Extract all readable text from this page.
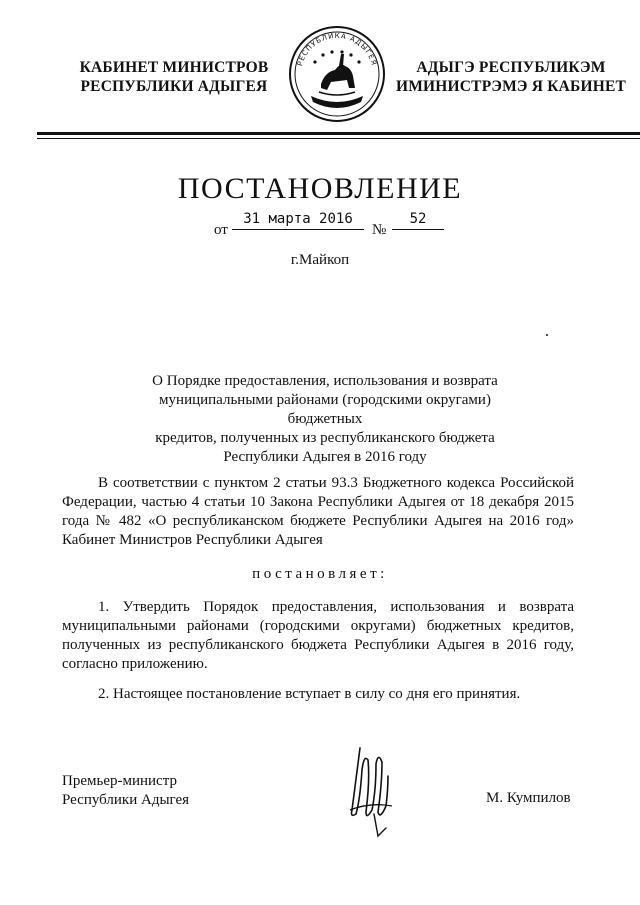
КАБИНЕТ МИНИСТРОВ
РЕСПУБЛИКИ АДЫГЕЯ
РЕСПУБЛИКА АДЫГЕЯ	АДЫГЭ РЕСПУБЛИКЭМ
ИМИНИСТРЭМЭ Я КАБИНЕТ
ПОСТАНОВЛЕНИЕ
от
31 марта 2016
№
52
г.Майкоп
О Порядке предоставления, использования и возврата
муниципальными районами (городскими округами) бюджетных
кредитов, полученных из республиканского бюджета
Республики Адыгея в 2016 году
В соответствии с пунктом 2 статьи 93.3 Бюджетного кодекса Российской Федерации, частью 4 статьи 10 Закона Республики Адыгея от 18 декабря 2015 года № 482 «О республиканском бюджете Республики Адыгея на 2016 год» Кабинет Министров Республики Адыгея
постановляет:
1. Утвердить Порядок предоставления, использования и возврата муниципальными районами (городскими округами) бюджетных кредитов, полученных из республиканского бюджета Республики Адыгея в 2016 году, согласно приложению.
2. Настоящее постановление вступает в силу со дня его принятия.
Премьер-министр
Республики Адыгея	М. Кумпилов
